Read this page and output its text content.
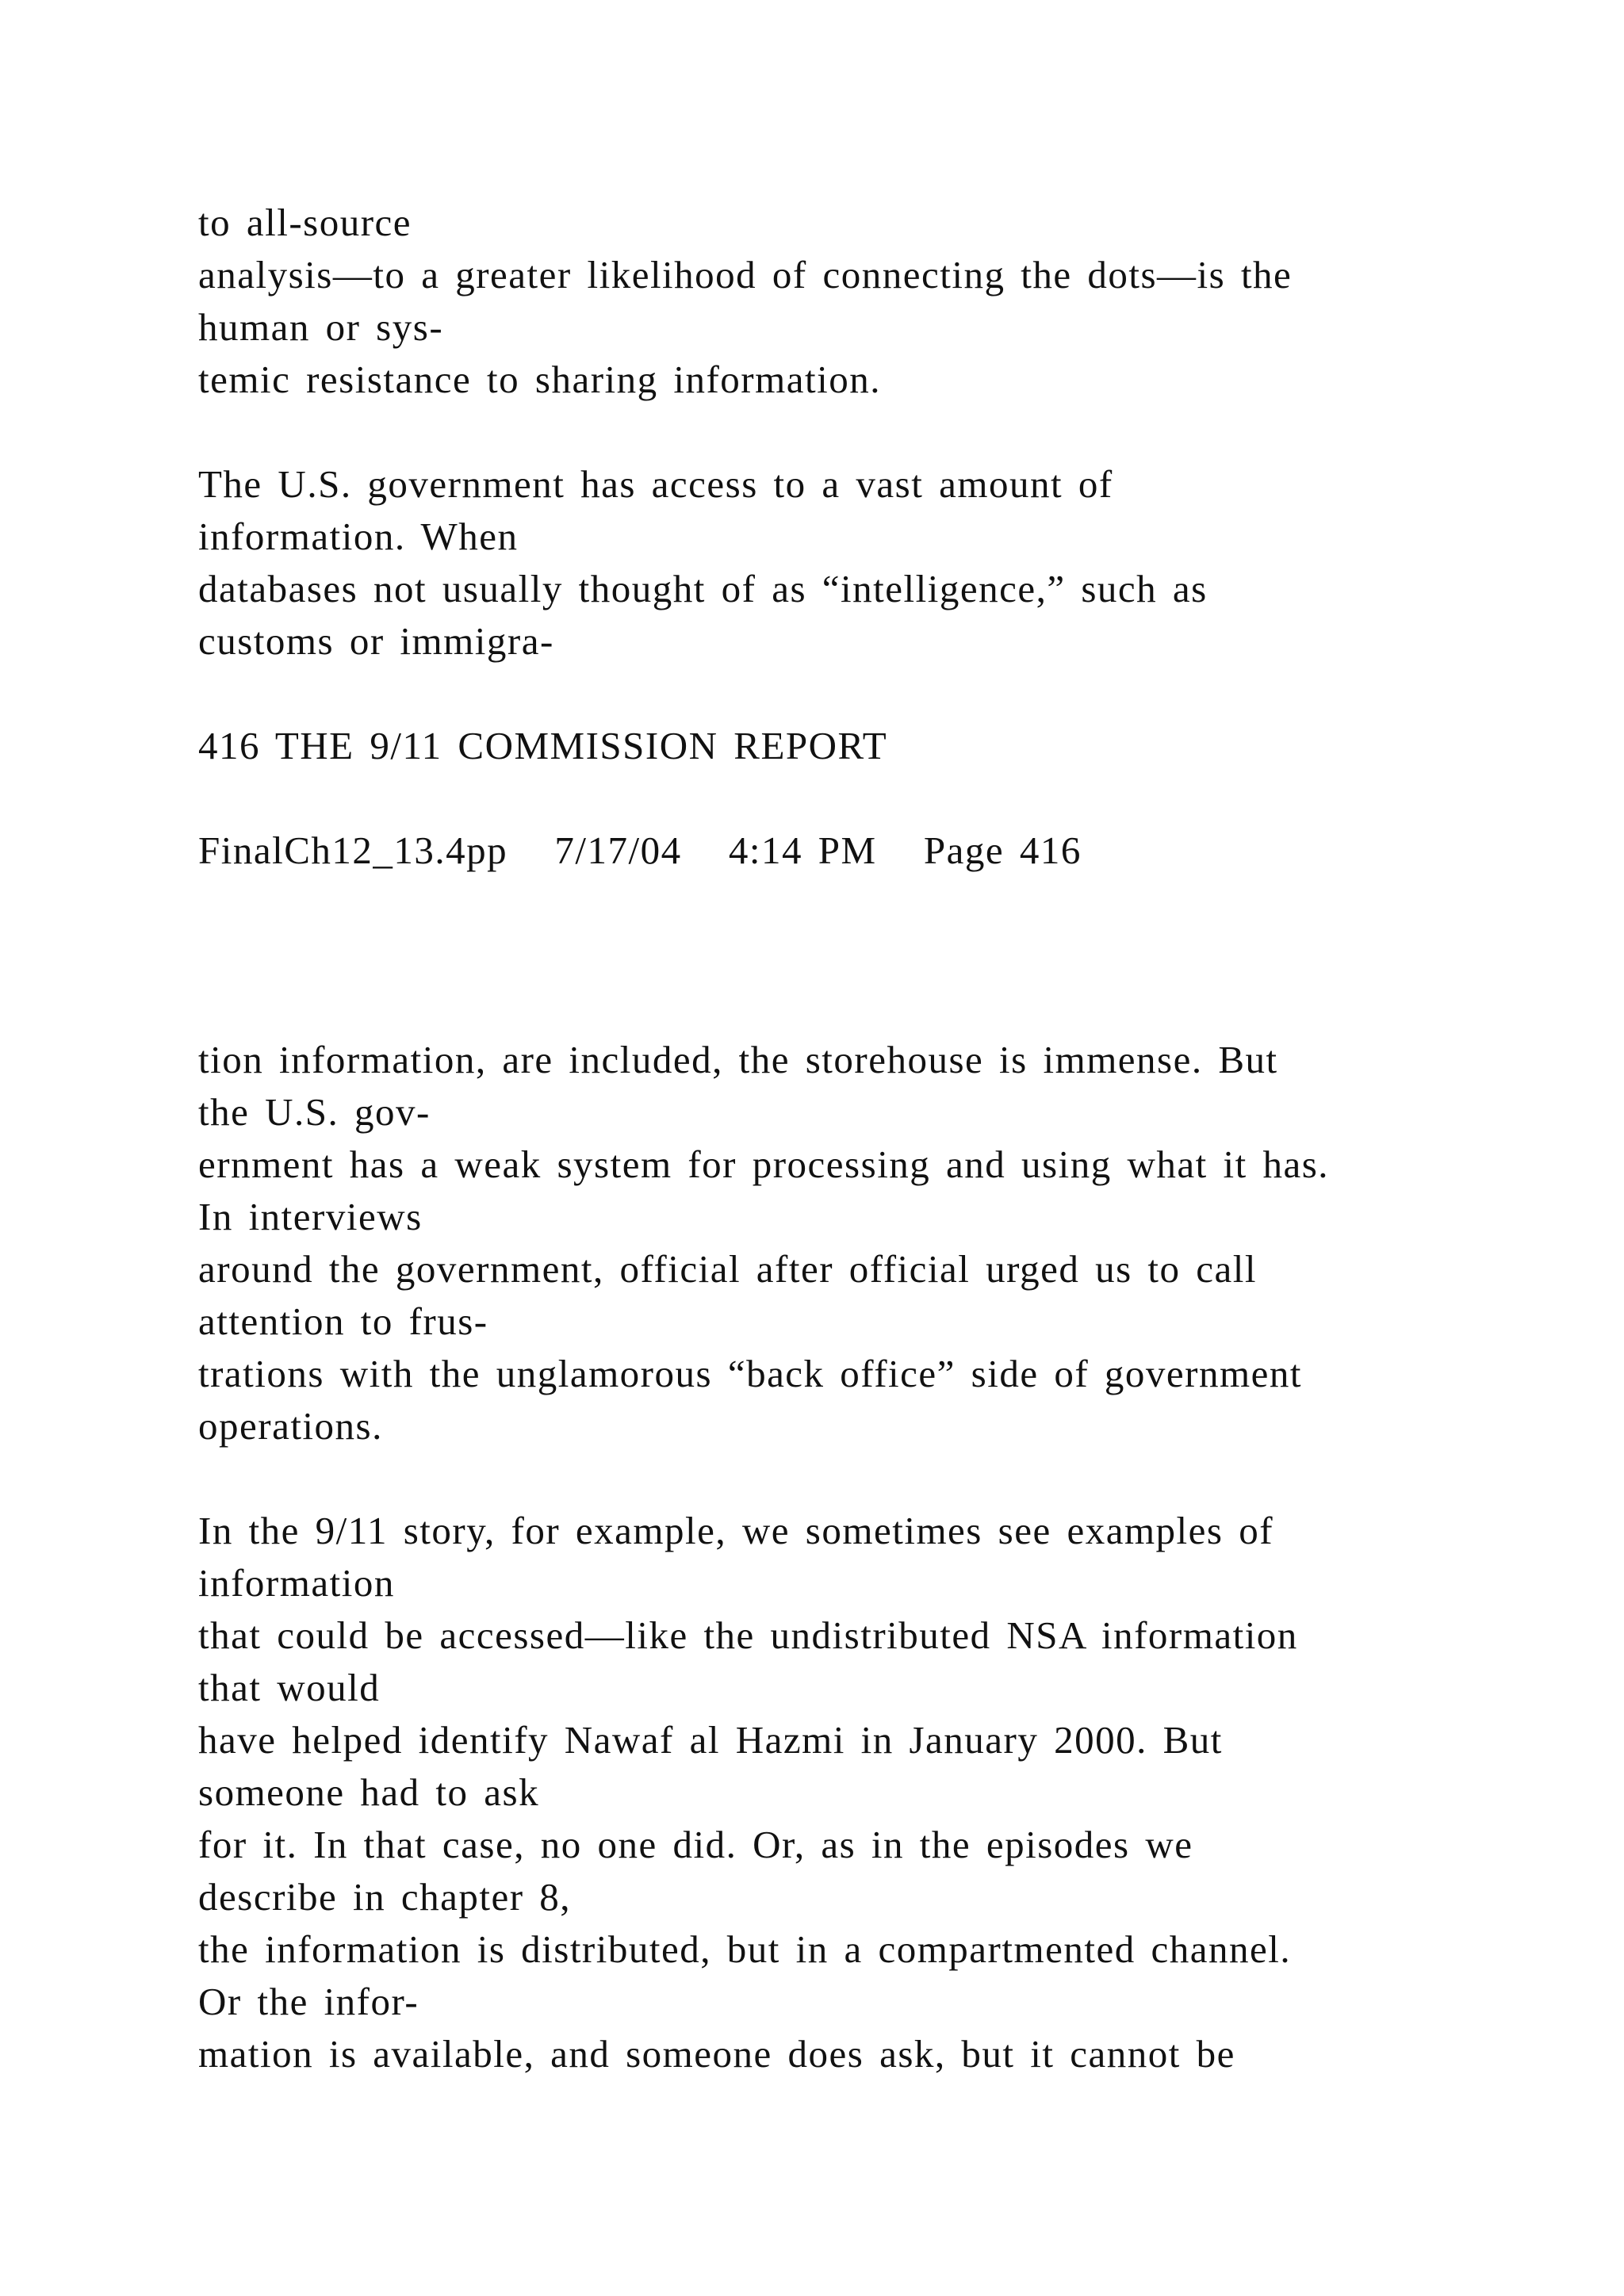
to all-source
analysis—to a greater likelihood of connecting the dots—is the
human or sys-
temic resistance to sharing information.

The U.S. government has access to a vast amount of
information. When
databases not usually thought of as “intelligence,” such as
customs or immigra-

416 THE 9/11 COMMISSION REPORT

FinalCh12_13.4pp   7/17/04   4:14 PM   Page 416

tion information, are included, the storehouse is immense. But
the U.S. gov-
ernment has a weak system for processing and using what it has.
In interviews
around the government, official after official urged us to call
attention to frus-
trations with the unglamorous “back office” side of government
operations.

In the 9/11 story, for example, we sometimes see examples of
information
that could be accessed—like the undistributed NSA information
that would
have helped identify Nawaf al Hazmi in January 2000. But
someone had to ask
for it. In that case, no one did. Or, as in the episodes we
describe in chapter 8,
the information is distributed, but in a compartmented channel.
Or the infor-
mation is available, and someone does ask, but it cannot be
